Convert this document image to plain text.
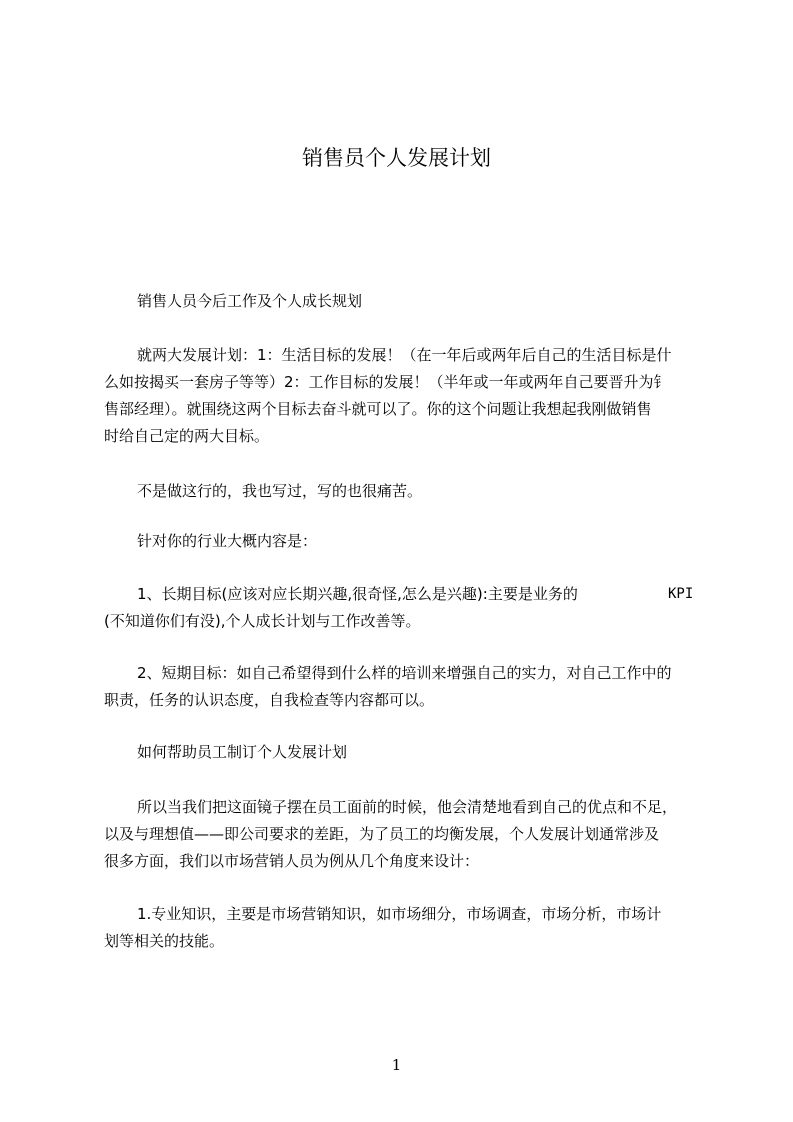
销售员个人发展计划
销售人员今后工作及个人成长规划
就两大发展计划：1：生活目标的发展！（在一年后或两年后自己的生活目标是什
么如按揭买一套房子等等）2：工作目标的发展！（半年或一年或两年自己要晋升为钅
售部经理）。就围绕这两个目标去奋斗就可以了。你的这个问题让我想起我刚做销售
时给自己定的两大目标。
不是做这行的，我也写过，写的也很痛苦。
针对你的行业大概内容是：
1、长期目标(应该对应长期兴趣,很奇怪,怎么是兴趣):主要是业务的	KPI
(不知道你们有没),个人成长计划与工作改善等。
2、短期目标：如自己希望得到什么样的培训来增强自己的实力，对自己工作中的
职责，任务的认识态度，自我检查等内容都可以。
如何帮助员工制订个人发展计划
所以当我们把这面镜子摆在员工面前的时候，他会清楚地看到自己的优点和不足，
以及与理想值——即公司要求的差距，为了员工的均衡发展，个人发展计划通常涉及
很多方面，我们以市场营销人员为例从几个角度来设计：
1.专业知识，主要是市场营销知识，如市场细分，市场调查，市场分析，市场计
划等相关的技能。
1
